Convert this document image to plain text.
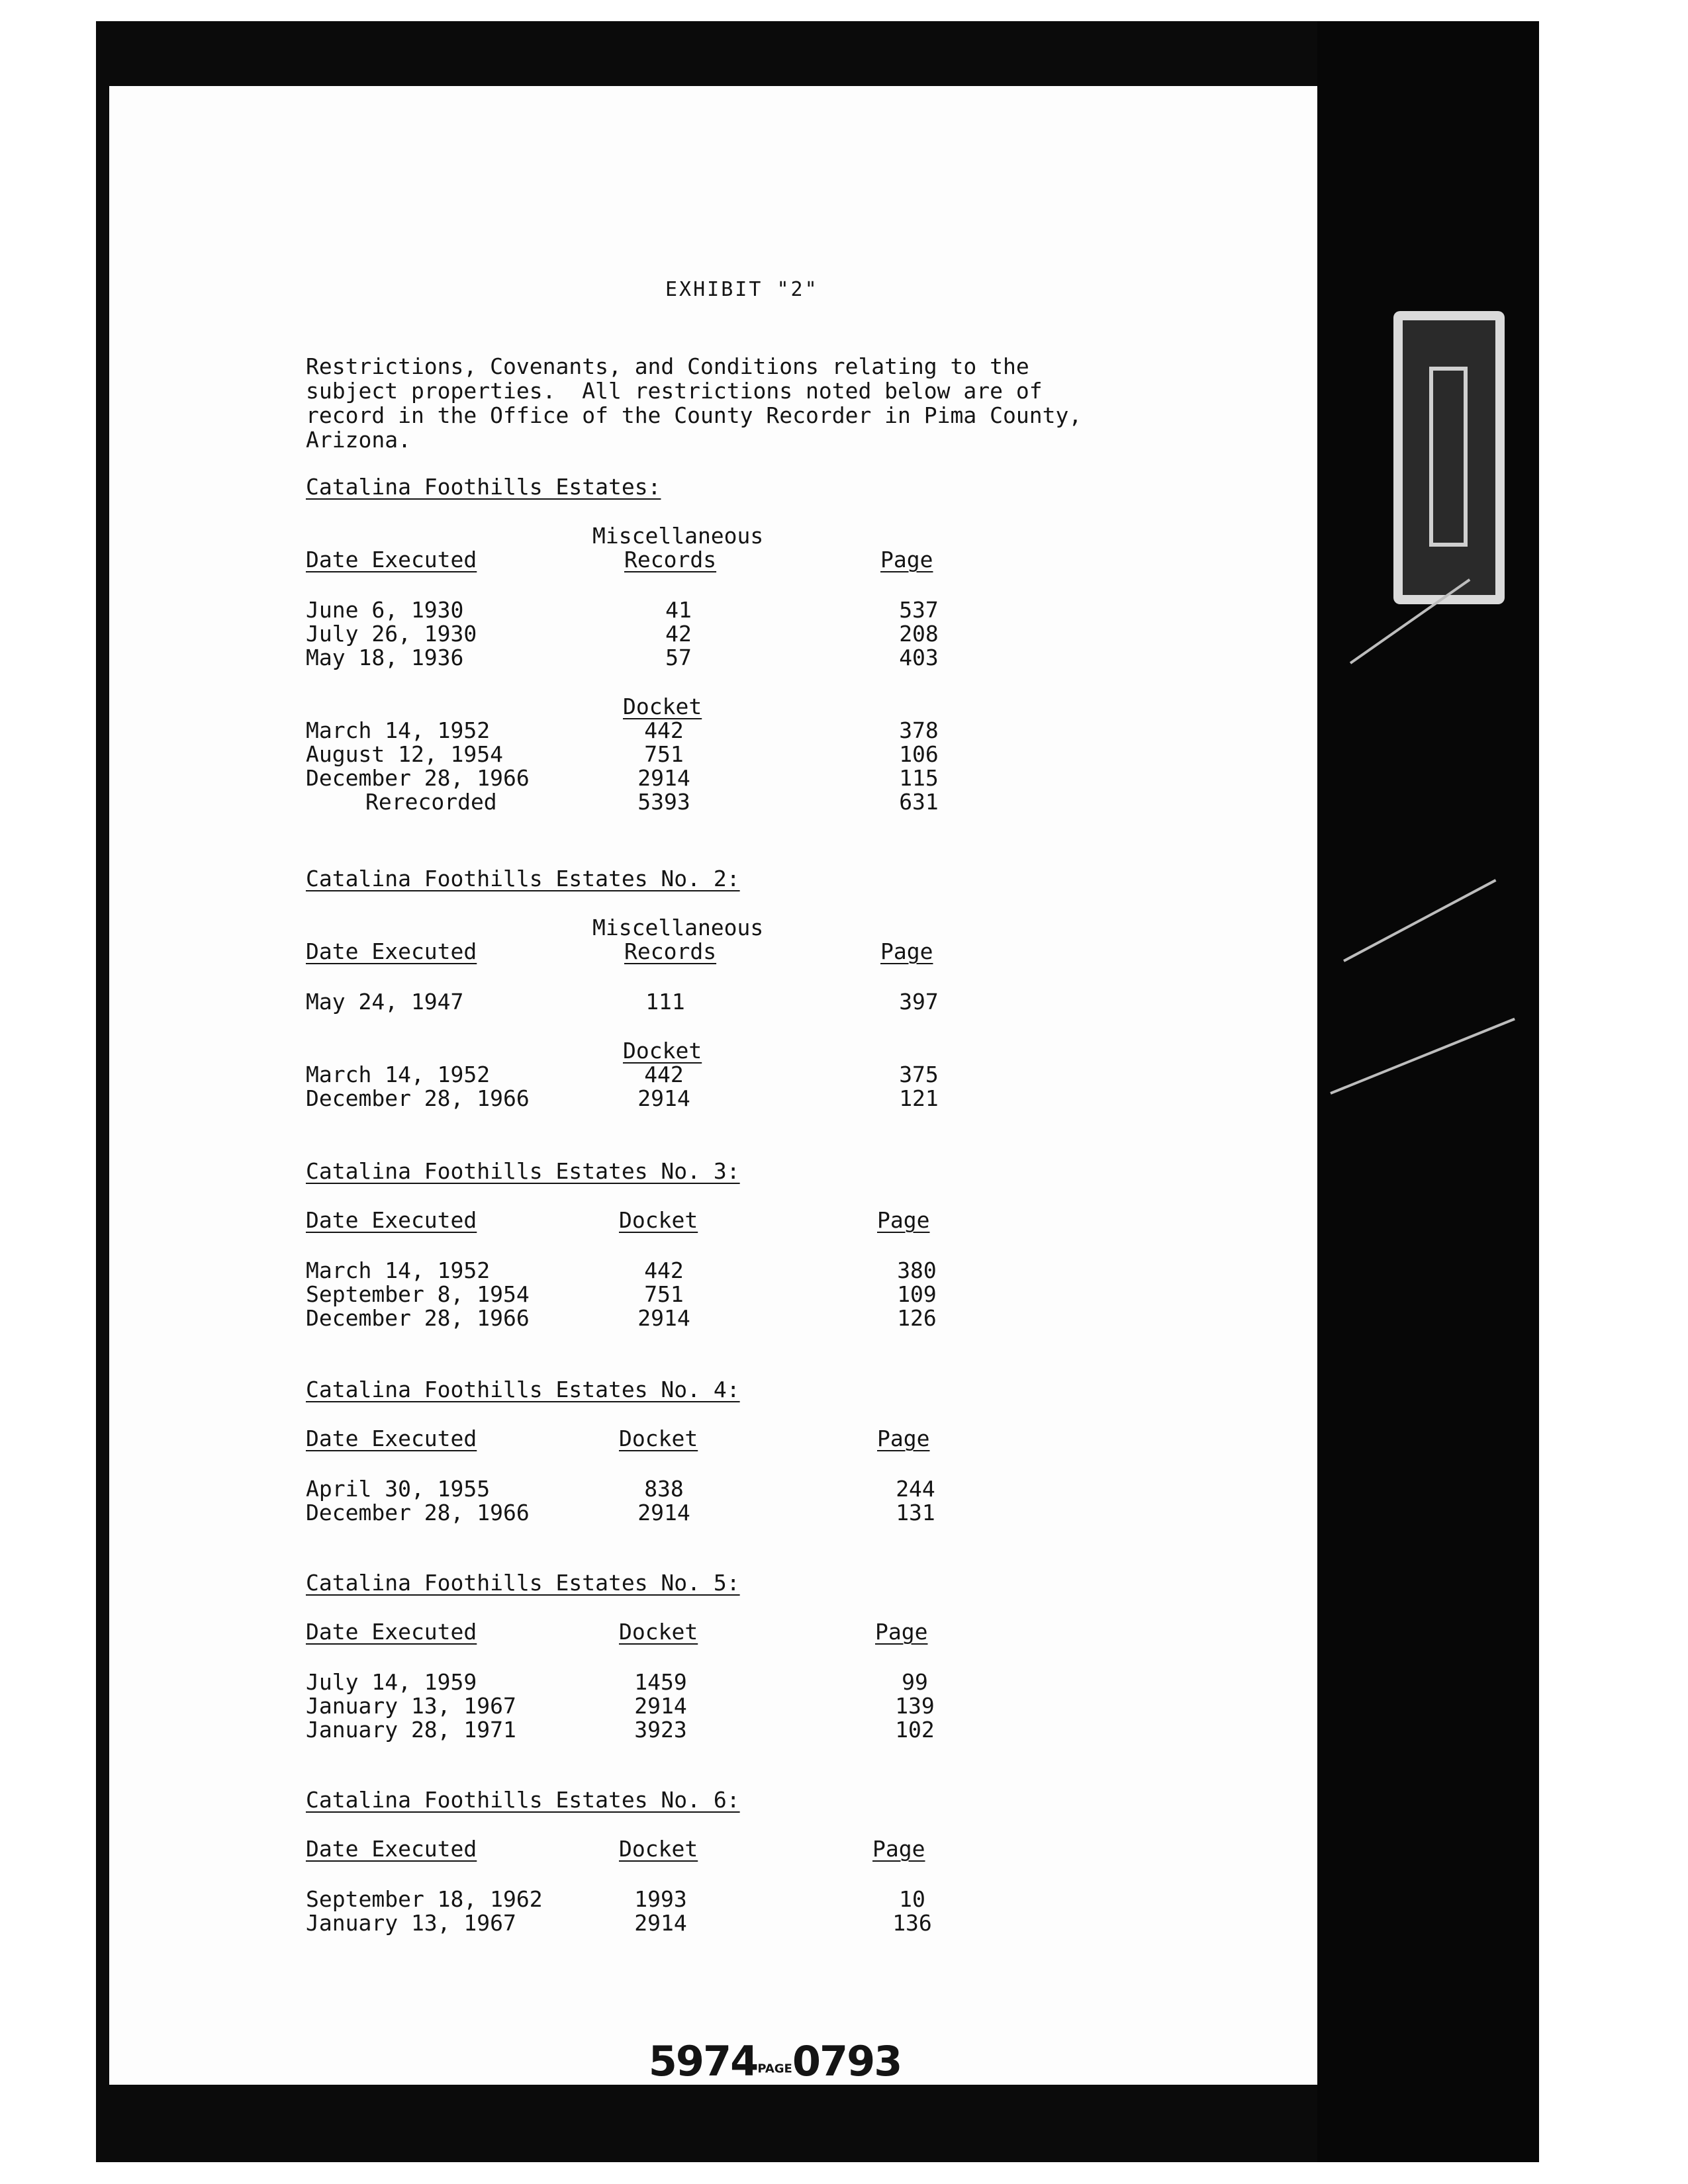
EXHIBIT "2"
Restrictions, Covenants, and Conditions relating to the
subject properties.  All restrictions noted below are of
record in the Office of the County Recorder in Pima County,
Arizona.
Catalina Foothills Estates:
Miscellaneous
Date Executed	Records	Page
June 6, 1930	41	537
July 26, 1930	42	208
May 18, 1936	57	403
Docket
March 14, 1952	442	378
August 12, 1954	751	106
December 28, 1966	2914	115
Rerecorded	5393	631
Catalina Foothills Estates No. 2:
Miscellaneous
Date Executed	Records	Page
May 24, 1947	111	397
Docket
March 14, 1952	442	375
December 28, 1966	2914	121
Catalina Foothills Estates No. 3:
Date Executed	Docket	Page
March 14, 1952	442	380
September 8, 1954	751	109
December 28, 1966	2914	126
Catalina Foothills Estates No. 4:
Date Executed	Docket	Page
April 30, 1955	838	244
December 28, 1966	2914	131
Catalina Foothills Estates No. 5:
Date Executed	Docket	Page
July 14, 1959	1459	99
January 13, 1967	2914	139
January 28, 1971	3923	102
Catalina Foothills Estates No. 6:
Date Executed	Docket	Page
September 18, 1962	1993	10
January 13, 1967	2914	136

5974PAGE0793
